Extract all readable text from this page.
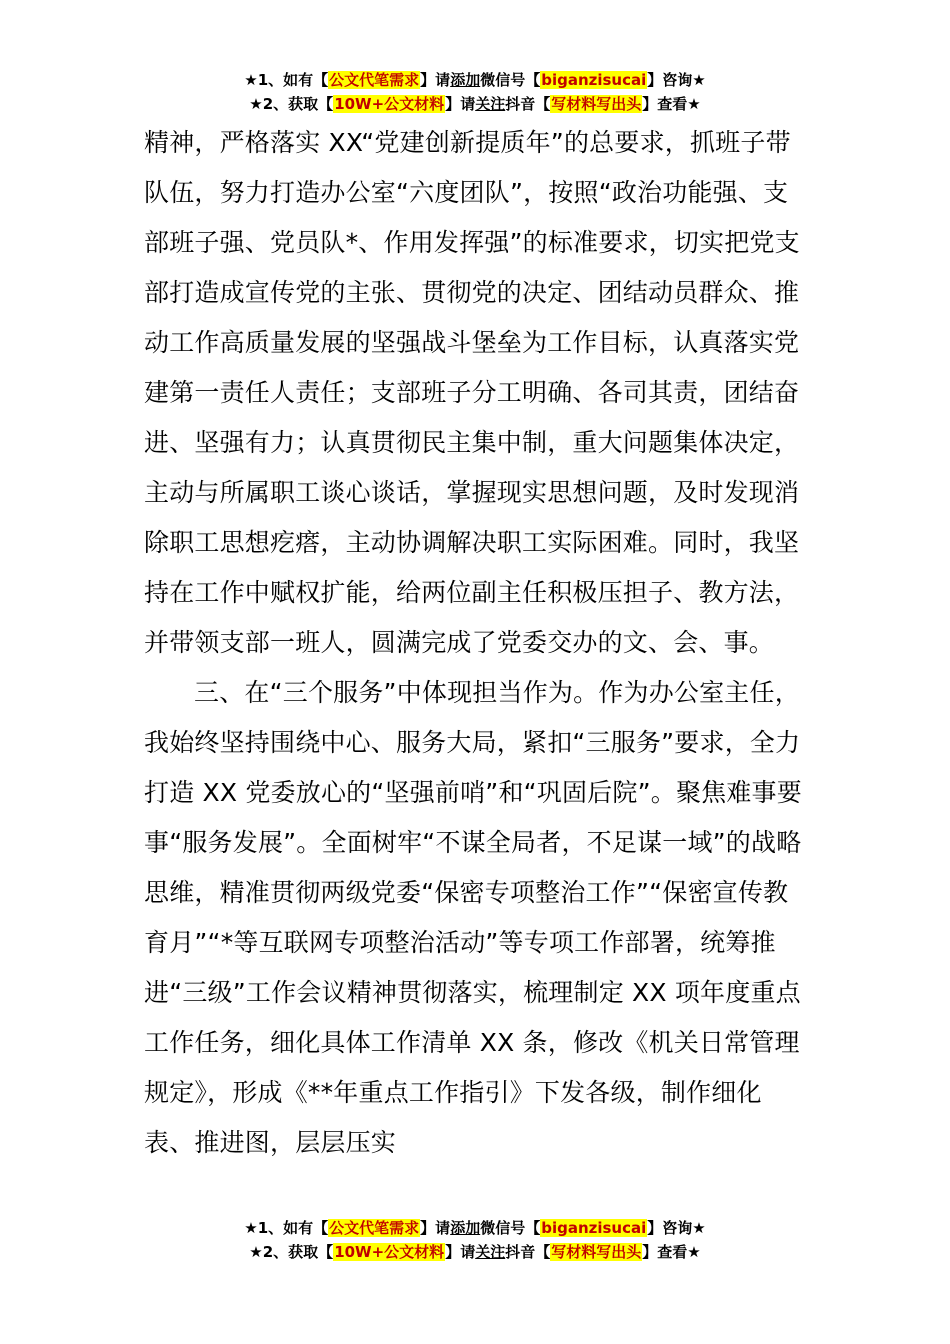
★1、如有【公文代笔需求】请添加微信号【biganzisucai】咨询★
★2、获取【10W+公文材料】请关注抖音【写材料写出头】查看★

精神，严格落实 XX“党建创新提质年”的总要求，抓班子带队伍，努力打造办公室“六度团队”，按照“政治功能强、支部班子强、党员队*、作用发挥强”的标准要求，切实把党支部打造成宣传党的主张、贯彻党的决定、团结动员群众、推动工作高质量发展的坚强战斗堡垒为工作目标，认真落实党建第一责任人责任；支部班子分工明确、各司其责，团结奋进、坚强有力；认真贯彻民主集中制，重大问题集体决定，主动与所属职工谈心谈话，掌握现实思想问题，及时发现消除职工思想疙瘩，主动协调解决职工实际困难。同时，我坚持在工作中赋权扩能，给两位副主任积极压担子、教方法，并带领支部一班人，圆满完成了党委交办的文、会、事。

三、在“三个服务”中体现担当作为。作为办公室主任，我始终坚持围绕中心、服务大局，紧扣“三服务”要求，全力打造 XX 党委放心的“坚强前哨”和“巩固后院”。聚焦难事要事“服务发展”。全面树牢“不谋全局者，不足谋一域”的战略思维，精准贯彻两级党委“保密专项整治工作”“保密宣传教育月”“*等互联网专项整治活动”等专项工作部署，统筹推进“三级”工作会议精神贯彻落实，梳理制定 XX 项年度重点工作任务，细化具体工作清单 XX 条，修改《机关日常管理规定》，形成《**年重点工作指引》下发各级，制作细化表、推进图，层层压实

★1、如有【公文代笔需求】请添加微信号【biganzisucai】咨询★
★2、获取【10W+公文材料】请关注抖音【写材料写出头】查看★
